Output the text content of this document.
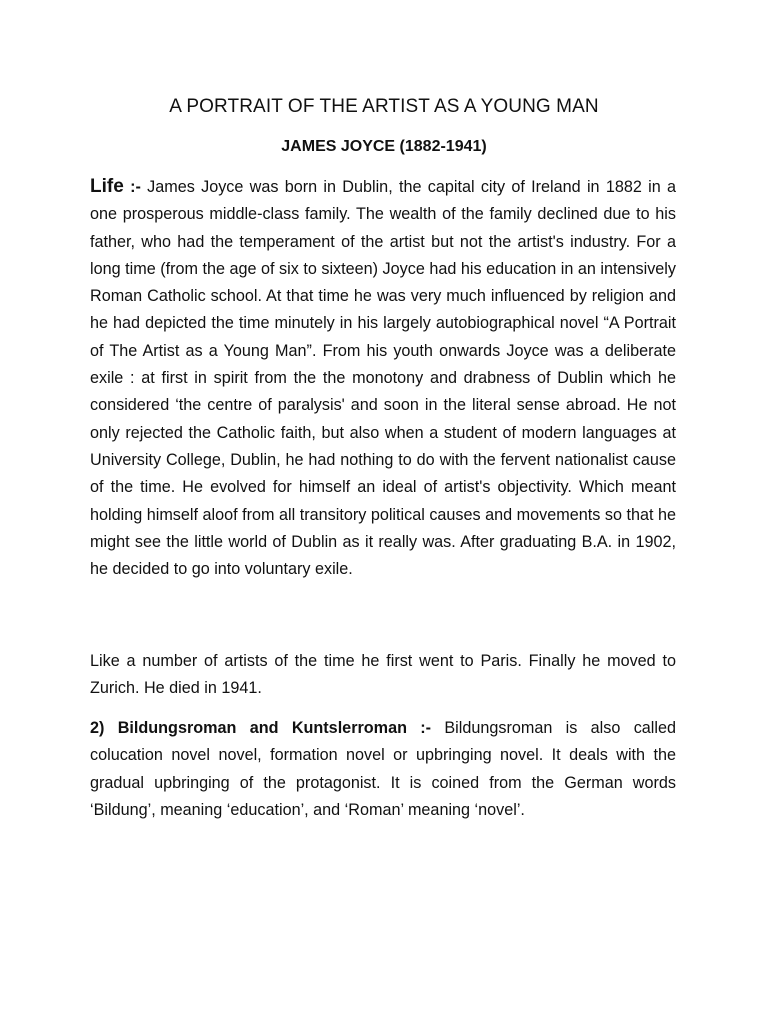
A PORTRAIT OF THE ARTIST AS A YOUNG MAN
JAMES JOYCE (1882-1941)

Life :- James Joyce was born in Dublin, the capital city of Ireland in 1882 in a one prosperous middle-class family. The wealth of the family declined due to his father, who had the temperament of the artist but not the artist's industry. For a long time (from the age of six to sixteen) Joyce had his education in an intensively Roman Catholic school. At that time he was very much influenced by religion and he had depicted the time minutely in his largely autobiographical novel “A Portrait of The Artist as a Young Man”. From his youth onwards Joyce was a deliberate exile : at first in spirit from the the monotony and drabness of Dublin which he considered ‘the centre of paralysis' and soon in the literal sense abroad. He not only rejected the Catholic faith, but also when a student of modern languages at University College, Dublin, he had nothing to do with the fervent nationalist cause of the time. He evolved for himself an ideal of artist's objectivity. Which meant holding himself aloof from all transitory political causes and movements so that he might see the little world of Dublin as it really was. After graduating B.A. in 1902, he decided to go into voluntary exile.

Like a number of artists of the time he first went to Paris. Finally he moved to Zurich. He died in 1941.

2) Bildungsroman and Kuntslerroman :- Bildungsroman is also called colucation novel novel, formation novel or upbringing novel. It deals with the gradual upbringing of the protagonist. It is coined from the German words ‘Bildung’, meaning ‘education’, and ‘Roman’ meaning ‘novel’.
